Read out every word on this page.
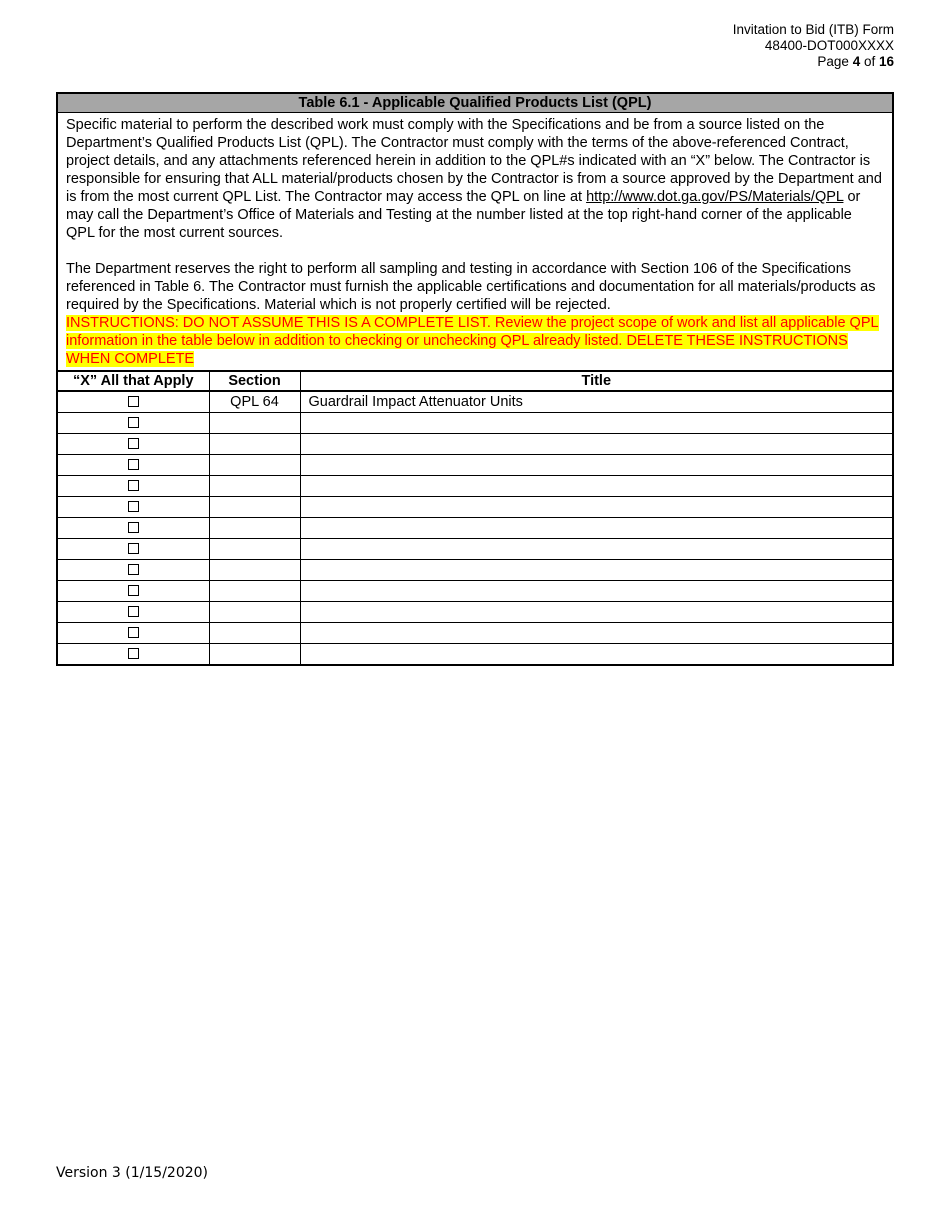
Invitation to Bid (ITB) Form
48400-DOT000XXXX
Page 4 of 16
Table 6.1 - Applicable Qualified Products List (QPL)		

Specific material to perform the described work must comply with the Specifications and be from a source listed on the Department’s Qualified Products List (QPL). The Contractor must comply with the terms of the above-referenced Contract, project details, and any attachments referenced herein in addition to the QPL#s indicated with an “X” below. The Contractor is responsible for ensuring that ALL material/products chosen by the Contractor is from a source approved by the Department and is from the most current QPL List. The Contractor may access the QPL on line at http://www.dot.ga.gov/PS/Materials/QPL or may call the Department’s Office of Materials and Testing at the number listed at the top right-hand corner of the applicable QPL for the most current sources.

The Department reserves the right to perform all sampling and testing in accordance with Section 106 of the Specifications referenced in Table 6. The Contractor must furnish the applicable certifications and documentation for all materials/products as required by the Specifications. Material which is not properly certified will be rejected.

INSTRUCTIONS: DO NOT ASSUME THIS IS A COMPLETE LIST. Review the project scope of work and list all applicable QPL information in the table below in addition to checking or unchecking QPL already listed. DELETE THESE INSTRUCTIONS WHEN COMPLETE		

“X” All that Apply	Section	Title
	QPL 64	Guardrail Impact Attenuator Units

Version 3 (1/15/2020)
